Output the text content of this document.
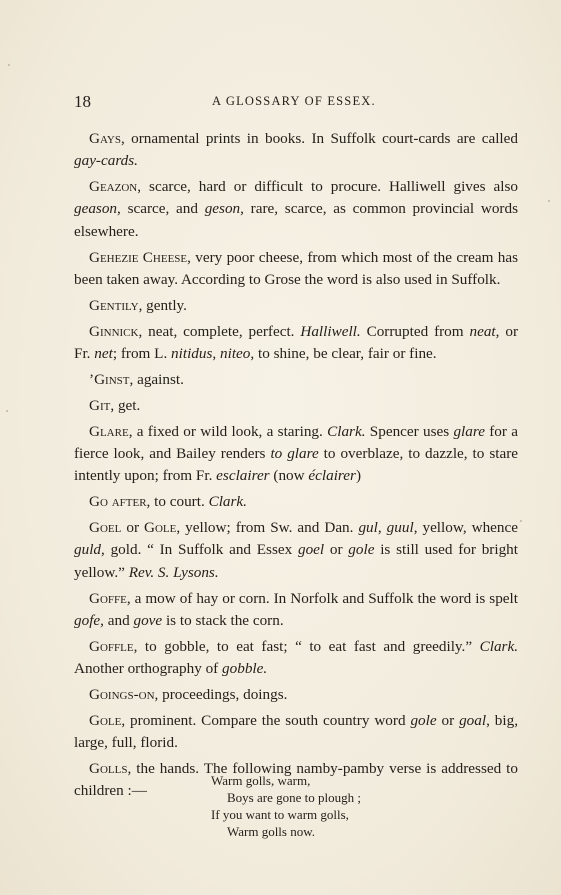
18	A GLOSSARY OF ESSEX.

Gays, ornamental prints in books. In Suffolk court-cards are called gay-cards.

Geazon, scarce, hard or difficult to procure. Halliwell gives also geason, scarce, and geson, rare, scarce, as common provincial words elsewhere.

Gehezie Cheese, very poor cheese, from which most of the cream has been taken away. According to Grose the word is also used in Suffolk.

Gentily, gently.

Ginnick, neat, complete, perfect. Halliwell. Corrupted from neat, or Fr. net; from L. nitidus, niteo, to shine, be clear, fair or fine.

’Ginst, against.

Git, get.

Glare, a fixed or wild look, a staring. Clark. Spencer uses glare for a fierce look, and Bailey renders to glare to overblaze, to dazzle, to stare intently upon; from Fr. esclairer (now éclairer)

Go after, to court. Clark.

Goel or Gole, yellow; from Sw. and Dan. gul, guul, yellow, whence guld, gold. “ In Suffolk and Essex goel or gole is still used for bright yellow.” Rev. S. Lysons.

Goffe, a mow of hay or corn. In Norfolk and Suffolk the word is spelt gofe, and gove is to stack the corn.

Goffle, to gobble, to eat fast; “ to eat fast and greedily.” Clark. Another orthography of gobble.

Goings-on, proceedings, doings.

Gole, prominent. Compare the south country word gole or goal, big, large, full, florid.

Golls, the hands. The following namby-pamby verse is addressed to children :—

Warm golls, warm,
Boys are gone to plough ;
If you want to warm golls,
Warm golls now.
